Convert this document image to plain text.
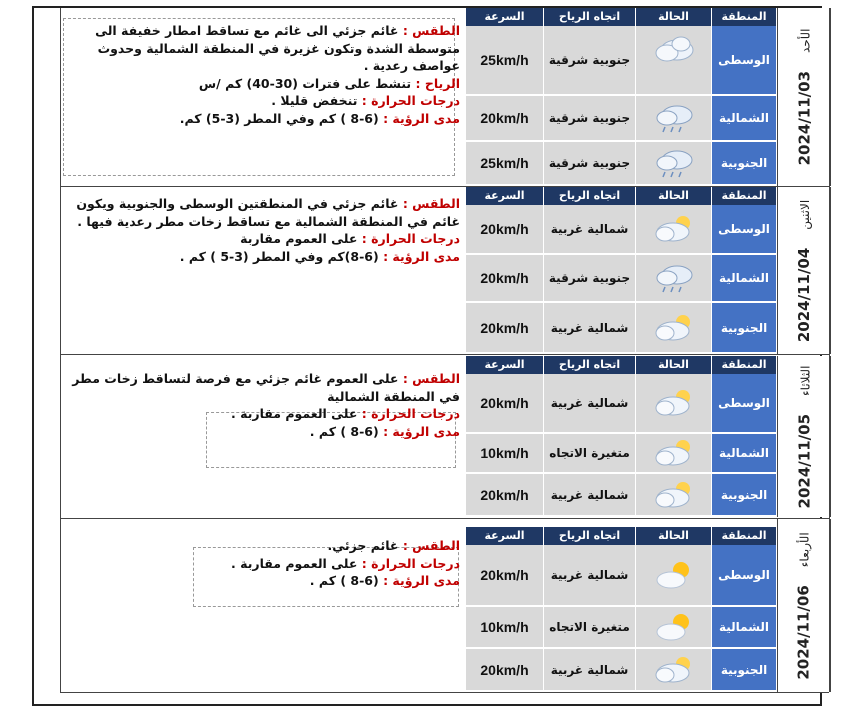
2024/11/03الأحد
السرعة	اتجاه الرياح	الحالة	المنطقة
25km/h	جنوبية شرقية	الوسطى
20km/h	جنوبية شرقية	الشمالية
25km/h	جنوبية شرقية	الجنوبية

الطقس : غائم جزئي الى غائم مع تساقط امطار خفيفة الى متوسطة الشدة وتكون غزيرة في المنطقة الشمالية وحدوث عواصف رعدية .

الرياح : تنشط على فترات (30-40) كم /س

درجات الحرارة : تنخفض قليلا .

مدى الرؤية : (6-8 ) كم وفي المطر (3-5) كم.

2024/11/04الاثنين
السرعة	اتجاه الرياح	الحالة	المنطقة
20km/h	شمالية غربية	الوسطى
20km/h	جنوبية شرقية	الشمالية
20km/h	شمالية غربية	الجنوبية

الطقس : غائم جزئي في المنطقتين الوسطى والجنوبية ويكون غائم في المنطقة الشمالية مع تساقط زخات مطر رعدية فيها .

درجات الحرارة : على العموم مقاربة

مدى الرؤية : (6-8)كم وفي المطر (3-5 ) كم .

2024/11/05الثلاثاء
السرعة	اتجاه الرياح	الحالة	المنطقة
20km/h	شمالية غربية	الوسطى
10km/h	متغيرة الاتجاه	الشمالية
20km/h	شمالية غربية	الجنوبية

الطقس : على العموم غائم جزئي مع فرصة لتساقط زخات مطر في المنطقة الشمالية

درجات الحرارة : على العموم مقاربة .

مدى الرؤية : (6-8 ) كم .

2024/11/06الأربعاء
السرعة	اتجاه الرياح	الحالة	المنطقة
20km/h	شمالية غربية	الوسطى
10km/h	متغيرة الاتجاه	الشمالية
20km/h	شمالية غربية	الجنوبية

الطقس : غائم جزئي.

درجات الحرارة : على العموم مقاربة .

مدى الرؤية : (6-8 ) كم .
